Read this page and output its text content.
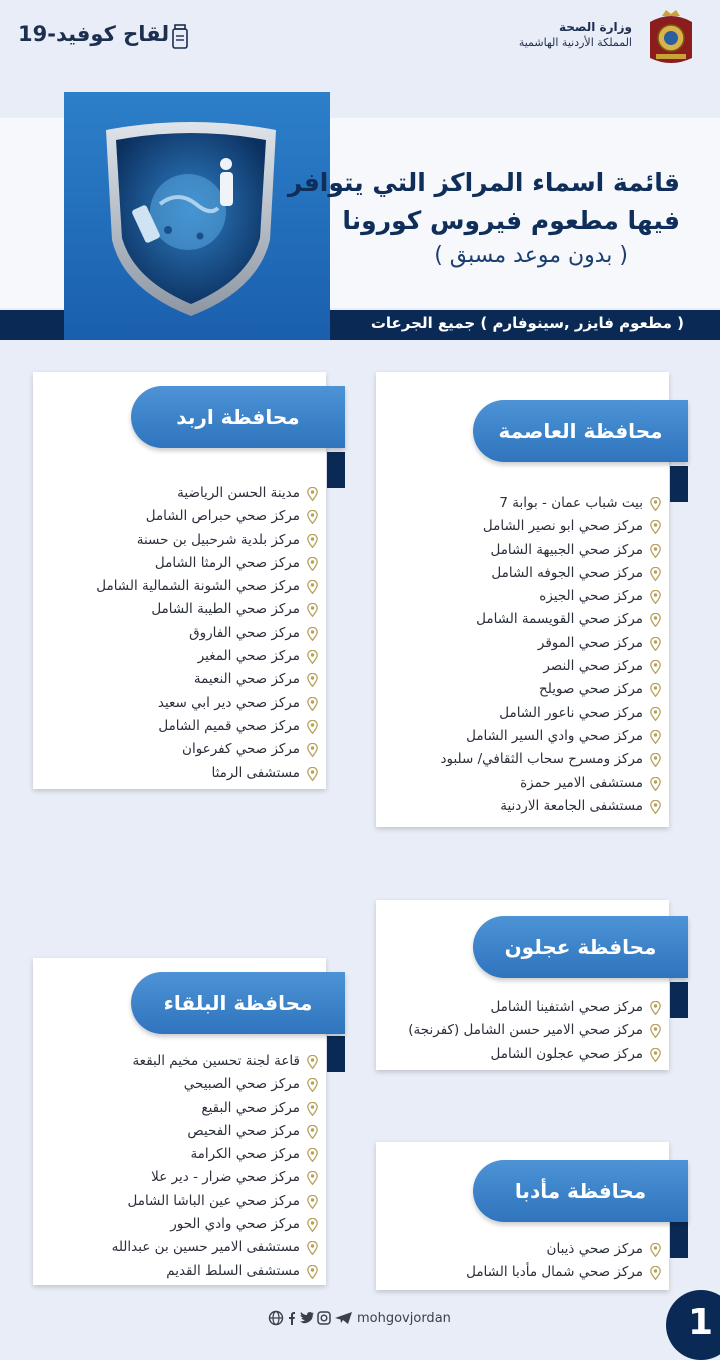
لقاح كوفيد-19	وزارة الصحة
المملكة الأردنية الهاشمية
( مطعوم فايزر ,سينوفارم ) جميع الجرعات
قائمة اسماء المراكز التي يتوافر
فيها مطعوم فيروس كورونا
( بدون موعد مسبق )
محافظة العاصمة
بيت شباب عمان - بوابة 7
مركز صحي ابو نصير الشامل
مركز صحي الجبيهة الشامل
مركز صحي الجوفه الشامل
مركز صحي الجيزه
مركز صحي القويسمة الشامل
مركز صحي الموقر
مركز صحي النصر
مركز صحي صويلح
مركز صحي ناعور الشامل
مركز صحي وادي السير الشامل
مركز ومسرح سحاب الثقافي/ سلبود
مستشفى الامير حمزة
مستشفى الجامعة الاردنية
محافظة اربد
مدينة الحسن الرياضية
مركز صحي حبراص الشامل
مركز بلدية شرحبيل بن حسنة
مركز صحي الرمثا الشامل
مركز صحي الشونة الشمالية الشامل
مركز صحي الطيبة الشامل
مركز صحي الفاروق
مركز صحي المغير
مركز صحي النعيمة
مركز صحي دير ابي سعيد
مركز صحي قميم الشامل
مركز صحي كفرعوان
مستشفى الرمثا
محافظة عجلون
مركز صحي اشتفينا الشامل
مركز صحي الامير حسن الشامل (كفرنجة)
مركز صحي عجلون الشامل
محافظة البلقاء
قاعة لجنة تحسين مخيم البقعة
مركز صحي الصبيحي
مركز صحي البقيع
مركز صحي الفحيص
مركز صحي الكرامة
مركز صحي ضرار - دير علا
مركز صحي عين الباشا الشامل
مركز صحي وادي الحور
مستشفى الامير حسين بن عبدالله
مستشفى السلط القديم
محافظة مأدبا
مركز صحي ذيبان
مركز صحي شمال مأدبا الشامل
mohgovjordan	1
